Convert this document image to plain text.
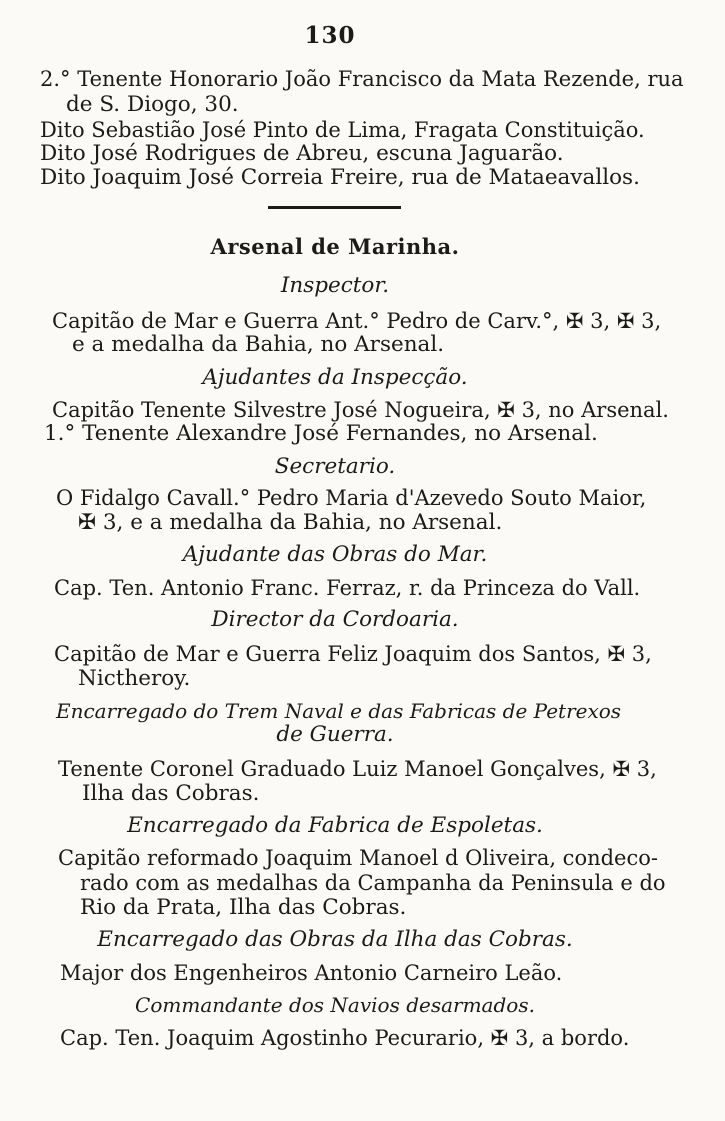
130
2.° Tenente Honorario João Francisco da Mata Rezende, rua
de S. Diogo, 30.
Dito Sebastião José Pinto de Lima, Fragata Constituição.
Dito José Rodrigues de Abreu, escuna Jaguarão.
Dito Joaquim José Correia Freire, rua de Mataeavallos.
Arsenal de Marinha.
Inspector.
Capitão de Mar e Guerra Ant.° Pedro de Carv.°, ✠ 3, ✠ 3,
e a medalha da Bahia, no Arsenal.
Ajudantes da Inspecção.
Capitão Tenente Silvestre José Nogueira, ✠ 3, no Arsenal.
1.° Tenente Alexandre José Fernandes, no Arsenal.
Secretario.
O Fidalgo Cavall.° Pedro Maria d'Azevedo Souto Maior,
✠ 3, e a medalha da Bahia, no Arsenal.
Ajudante das Obras do Mar.
Cap. Ten. Antonio Franc. Ferraz, r. da Princeza do Vall.
Director da Cordoaria.
Capitão de Mar e Guerra Feliz Joaquim dos Santos, ✠ 3,
Nictheroy.
Encarregado do Trem Naval e das Fabricas de Petrexos
de Guerra.
Tenente Coronel Graduado Luiz Manoel Gonçalves, ✠ 3,
Ilha das Cobras.
Encarregado da Fabrica de Espoletas.
Capitão reformado Joaquim Manoel d Oliveira, condeco-
rado com as medalhas da Campanha da Peninsula e do
Rio da Prata, Ilha das Cobras.
Encarregado das Obras da Ilha das Cobras.
Major dos Engenheiros Antonio Carneiro Leão.
Commandante dos Navios desarmados.
Cap. Ten. Joaquim Agostinho Pecurario, ✠ 3, a bordo.
